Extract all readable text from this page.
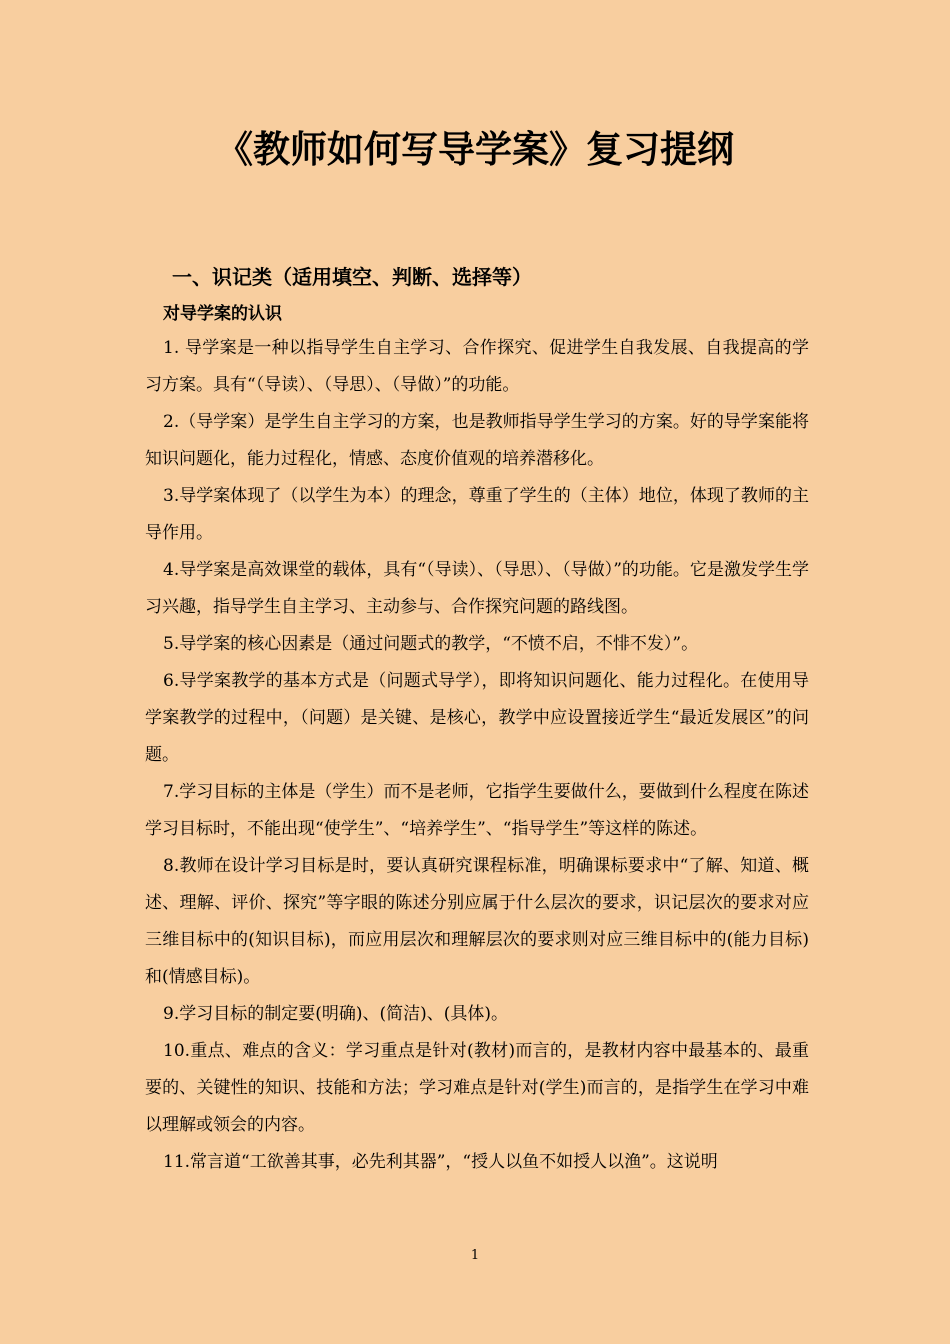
《教师如何写导学案》复习提纲
一、识记类（适用填空、判断、选择等）
对导学案的认识

1. 导学案是一种以指导学生自主学习、合作探究、促进学生自我发展、自我提高的学习方案。具有“（导读）、（导思）、（导做）”的功能。

2.（导学案）是学生自主学习的方案，也是教师指导学生学习的方案。好的导学案能将知识问题化，能力过程化，情感、态度价值观的培养潜移化。

3.导学案体现了（以学生为本）的理念，尊重了学生的（主体）地位，体现了教师的主导作用。

4.导学案是高效课堂的载体，具有“（导读）、（导思）、（导做）”的功能。它是激发学生学习兴趣，指导学生自主学习、主动参与、合作探究问题的路线图。

5.导学案的核心因素是（通过问题式的教学，“不愤不启，不悱不发）”。

6.导学案教学的基本方式是（问题式导学），即将知识问题化、能力过程化。在使用导学案教学的过程中，（问题）是关键、是核心，教学中应设置接近学生“最近发展区”的问题。

7.学习目标的主体是（学生）而不是老师，它指学生要做什么，要做到什么程度在陈述学习目标时，不能出现“使学生”、“培养学生”、“指导学生”等这样的陈述。

8.教师在设计学习目标是时，要认真研究课程标准，明确课标要求中“了解、知道、概述、理解、评价、探究”等字眼的陈述分别应属于什么层次的要求，识记层次的要求对应三维目标中的(知识目标)，而应用层次和理解层次的要求则对应三维目标中的(能力目标)和(情感目标)。

9.学习目标的制定要(明确)、(简洁)、(具体)。

10.重点、难点的含义：学习重点是针对(教材)而言的，是教材内容中最基本的、最重要的、关键性的知识、技能和方法；学习难点是针对(学生)而言的，是指学生在学习中难以理解或领会的内容。

11.常言道“工欲善其事，必先利其器”，“授人以鱼不如授人以渔”。这说明

1
